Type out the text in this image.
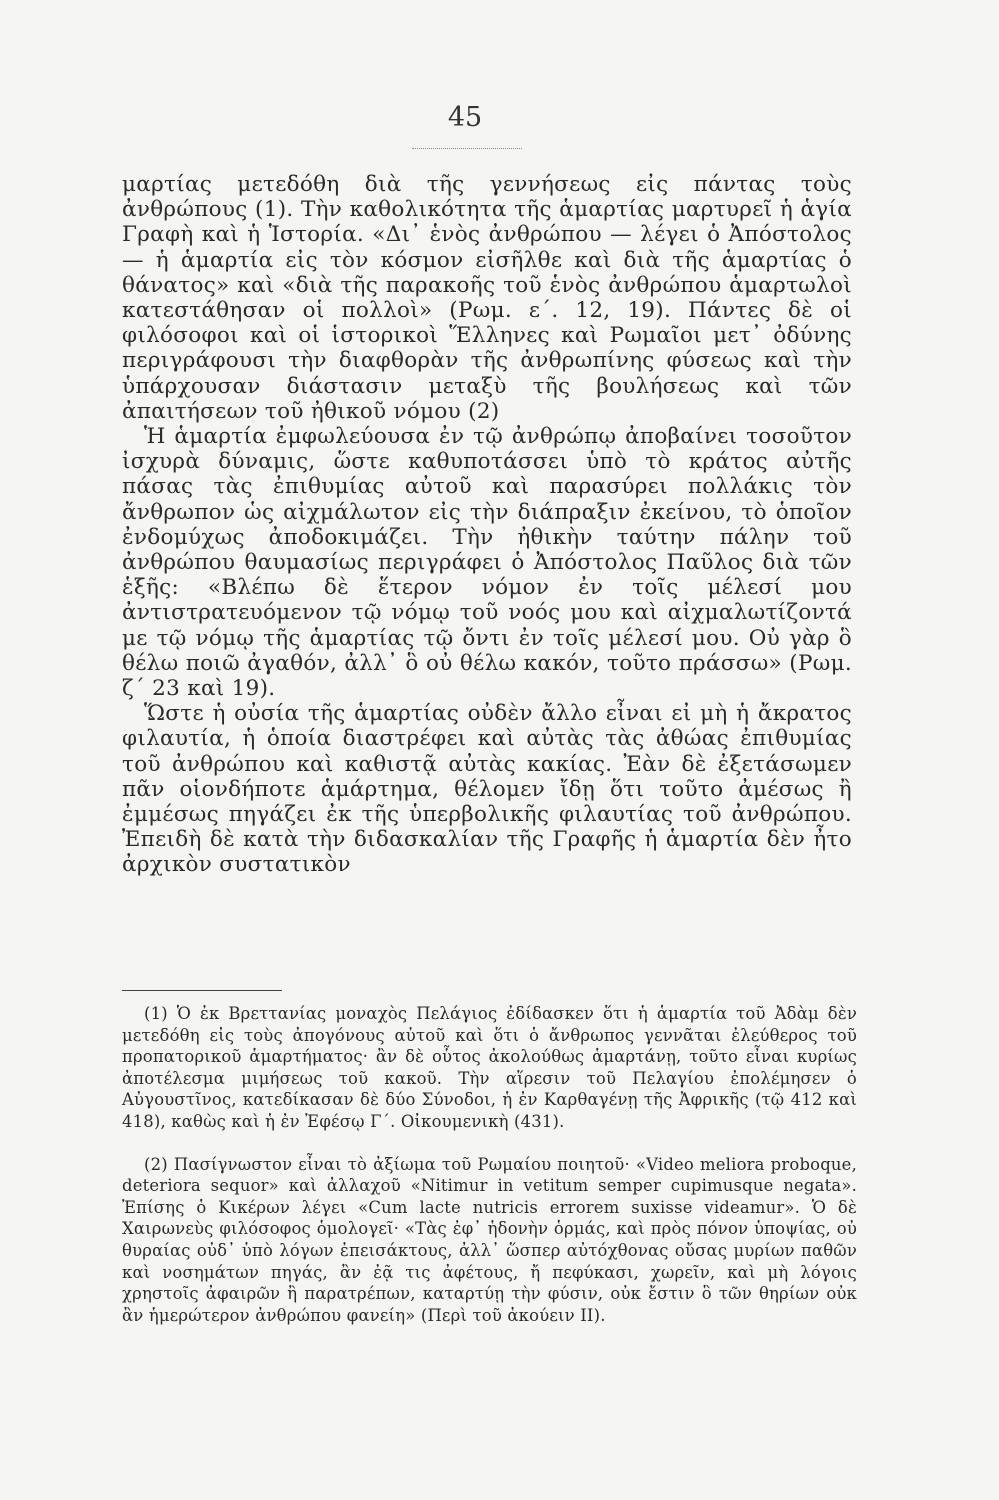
45

μαρτίας μετεδόθη διὰ τῆς γεννήσεως εἰς πάντας τοὺς ἀνθρώπους (1). Τὴν καθολικότητα τῆς ἁμαρτίας μαρτυρεῖ ἡ ἁγία Γραφὴ καὶ ἡ Ἱστορία. «Δι᾿ ἑνὸς ἀνθρώπου — λέγει ὁ Ἀπόστολος — ἡ ἁμαρτία εἰς τὸν κόσμον εἰσῆλθε καὶ διὰ τῆς ἁμαρτίας ὁ θάνατος» καὶ «διὰ τῆς παρακοῆς τοῦ ἑνὸς ἀνθρώπου ἁμαρτωλοὶ κατεστάθησαν οἱ πολλοὶ» (Ρωμ. ε΄. 12, 19). Πάντες δὲ οἱ φιλόσοφοι καὶ οἱ ἱστορικοὶ Ἕλληνες καὶ Ρωμαῖοι μετ᾿ ὀδύνης περιγράφουσι τὴν διαφθορὰν τῆς ἀνθρωπίνης φύσεως καὶ τὴν ὑπάρχουσαν διάστασιν μεταξὺ τῆς βουλήσεως καὶ τῶν ἀπαιτήσεων τοῦ ἠθικοῦ νόμου (2)

Ἡ ἁμαρτία ἐμφωλεύουσα ἐν τῷ ἀνθρώπῳ ἀποβαίνει τοσοῦτον ἰσχυρὰ δύναμις, ὥστε καθυποτάσσει ὑπὸ τὸ κράτος αὐτῆς πάσας τὰς ἐπιθυμίας αὐτοῦ καὶ παρασύρει πολλάκις τὸν ἄνθρωπον ὡς αἰχμάλωτον εἰς τὴν διάπραξιν ἐκείνου, τὸ ὁποῖον ἐνδομύχως ἀποδοκιμάζει. Τὴν ἠθικὴν ταύτην πάλην τοῦ ἀνθρώπου θαυμασίως περιγράφει ὁ Ἀπόστολος Παῦλος διὰ τῶν ἑξῆς: «Βλέπω δὲ ἕτερον νόμον ἐν τοῖς μέλεσί μου ἀντιστρατευόμενον τῷ νόμῳ τοῦ νοός μου καὶ αἰχμαλωτίζοντά με τῷ νόμῳ τῆς ἁμαρτίας τῷ ὄντι ἐν τοῖς μέλεσί μου. Οὐ γὰρ ὃ θέλω ποιῶ ἀγαθόν, ἀλλ᾿ ὃ οὐ θέλω κακόν, τοῦτο πράσσω» (Ρωμ. ζ΄ 23 καὶ 19).

Ὥστε ἡ οὐσία τῆς ἁμαρτίας οὐδὲν ἄλλο εἶναι εἰ μὴ ἡ ἄκρατος φιλαυτία, ἡ ὁποία διαστρέφει καὶ αὐτὰς τὰς ἀθώας ἐπιθυμίας τοῦ ἀνθρώπου καὶ καθιστᾷ αὐτὰς κακίας. Ἐὰν δὲ ἐξετάσωμεν πᾶν οἱονδήποτε ἁμάρτημα, θέλομεν ἴδῃ ὅτι τοῦτο ἀμέσως ἢ ἐμμέσως πηγάζει ἐκ τῆς ὑπερβολικῆς φιλαυτίας τοῦ ἀνθρώπου. Ἐπειδὴ δὲ κατὰ τὴν διδασκαλίαν τῆς Γραφῆς ἡ ἁμαρτία δὲν ἦτο ἀρχικὸν συστατικὸν

(1) Ὁ ἐκ Βρεττανίας μοναχὸς Πελάγιος ἐδίδασκεν ὅτι ἡ ἁμαρτία τοῦ Ἀδὰμ δὲν μετεδόθη εἰς τοὺς ἀπογόνους αὐτοῦ καὶ ὅτι ὁ ἄνθρωπος γεννᾶται ἐλεύθερος τοῦ προπατορικοῦ ἁμαρτήματος· ἂν δὲ οὗτος ἀκολούθως ἁμαρτάνῃ, τοῦτο εἶναι κυρίως ἀποτέλεσμα μιμήσεως τοῦ κακοῦ. Τὴν αἵρεσιν τοῦ Πελαγίου ἐπολέμησεν ὁ Αὐγουστῖνος, κατεδίκασαν δὲ δύο Σύνοδοι, ἡ ἐν Καρθαγένῃ τῆς Ἀφρικῆς (τῷ 412 καὶ 418), καθὼς καὶ ἡ ἐν Ἐφέσῳ Γ΄. Οἰκουμενικὴ (431).

(2) Πασίγνωστον εἶναι τὸ ἀξίωμα τοῦ Ρωμαίου ποιητοῦ· «Video meliora proboque, deteriora sequor» καὶ ἀλλαχοῦ «Nitimur in vetitum semper cupimusque negata». Ἐπίσης ὁ Κικέρων λέγει «Cum lacte nutricis errorem suxisse videamur». Ὁ δὲ Χαιρωνεὺς φιλόσοφος ὁμολογεῖ· «Τὰς ἐφ᾿ ἡδονὴν ὁρμάς, καὶ πρὸς πόνον ὑποψίας, οὐ θυραίας οὐδ᾿ ὑπὸ λόγων ἐπεισάκτους, ἀλλ᾿ ὥσπερ αὐτόχθονας οὔσας μυρίων παθῶν καὶ νοσημάτων πηγάς, ἂν ἐᾷ τις ἀφέτους, ἤ πεφύκασι, χωρεῖν, καὶ μὴ λόγοις χρηστοῖς ἀφαιρῶν ἢ παρατρέπων, καταρτύῃ τὴν φύσιν, οὐκ ἔστιν ὃ τῶν θηρίων οὐκ ἂν ἡμερώτερον ἀνθρώπου φανείη» (Περὶ τοῦ ἀκούειν ΙΙ).
